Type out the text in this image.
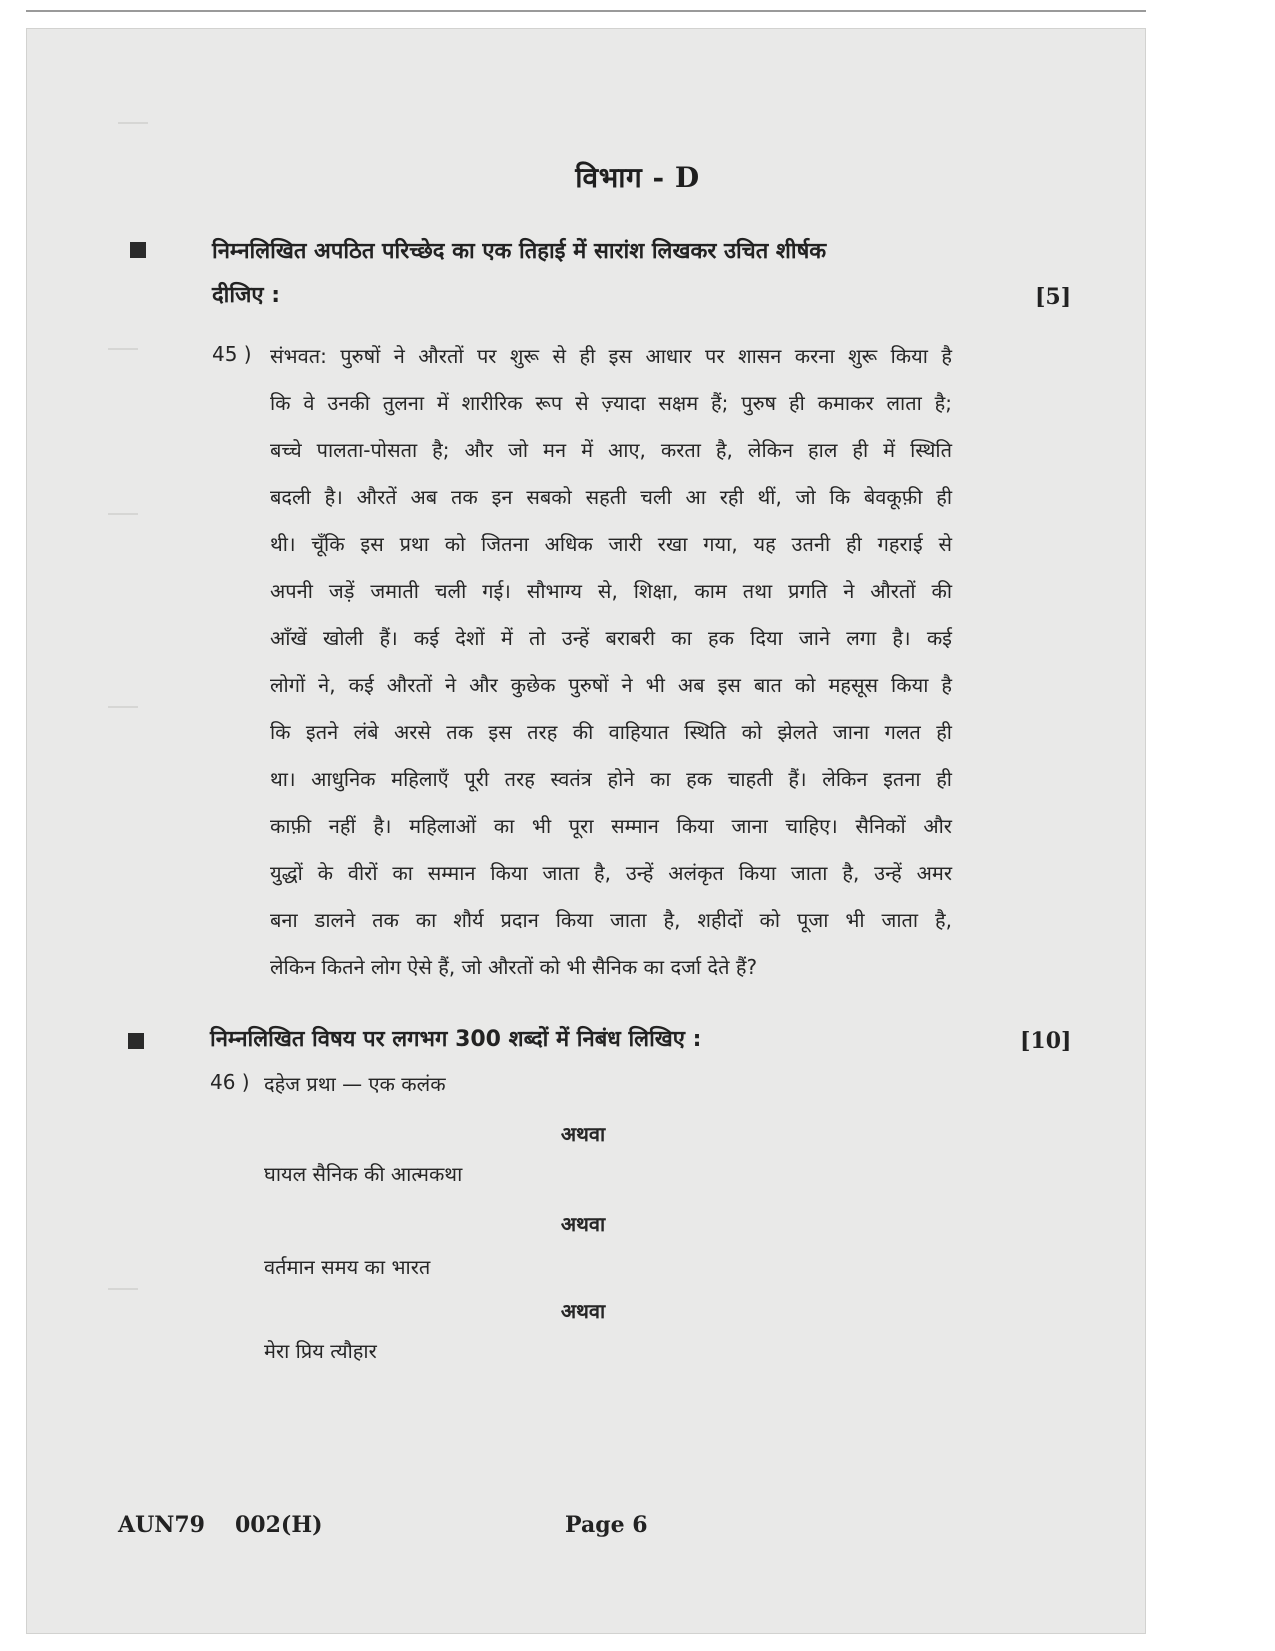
विभाग - D
निम्नलिखित अपठित परिच्छेद का एक तिहाई में सारांश लिखकर उचित शीर्षक
दीजिए :	[5]
45 ) संभवत: पुरुषों ने औरतों पर शुरू से ही इस आधार पर शासन करना शुरू किया है
कि वे उनकी तुलना में शारीरिक रूप से ज़्यादा सक्षम हैं; पुरुष ही कमाकर लाता है;
बच्चे पालता-पोसता है; और जो मन में आए, करता है, लेकिन हाल ही में स्थिति
बदली है। औरतें अब तक इन सबको सहती चली आ रही थीं, जो कि बेवकूफ़ी ही
थी। चूँकि इस प्रथा को जितना अधिक जारी रखा गया, यह उतनी ही गहराई से
अपनी जड़ें जमाती चली गई। सौभाग्य से, शिक्षा, काम तथा प्रगति ने औरतों की
आँखें खोली हैं। कई देशों में तो उन्हें बराबरी का हक दिया जाने लगा है। कई
लोगों ने, कई औरतों ने और कुछेक पुरुषों ने भी अब इस बात को महसूस किया है
कि इतने लंबे अरसे तक इस तरह की वाहियात स्थिति को झेलते जाना गलत ही
था। आधुनिक महिलाएँ पूरी तरह स्वतंत्र होने का हक चाहती हैं। लेकिन इतना ही
काफ़ी नहीं है। महिलाओं का भी पूरा सम्मान किया जाना चाहिए। सैनिकों और
युद्धों के वीरों का सम्मान किया जाता है, उन्हें अलंकृत किया जाता है, उन्हें अमर
बना डालने तक का शौर्य प्रदान किया जाता है, शहीदों को पूजा भी जाता है,
लेकिन कितने लोग ऐसे हैं, जो औरतों को भी सैनिक का दर्जा देते हैं?
निम्नलिखित विषय पर लगभग 300 शब्दों में निबंध लिखिए :	[10]
46 ) दहेज प्रथा — एक कलंक
अथवा
घायल सैनिक की आत्मकथा
अथवा
वर्तमान समय का भारत
अथवा
मेरा प्रिय त्यौहार
AUN79 002(H)	Page 6
